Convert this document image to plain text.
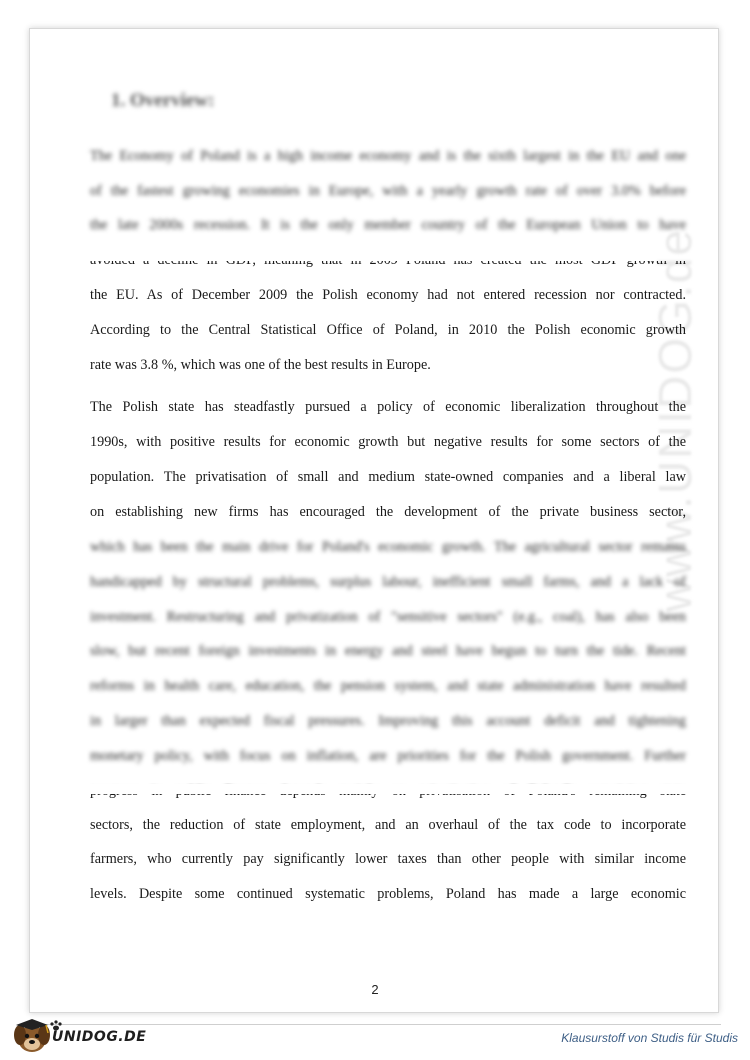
www.UNIDOG.de
1. Overview:
The Economy of Poland is a high income economy and is the sixth largest in the EU and one
of the fastest growing economies in Europe, with a yearly growth rate of over 3.0% before
the late 2000s recession. It is the only member country of the European Union to have
the EU. As of December 2009 the Polish economy had not entered recession nor contracted.
According to the Central Statistical Office of Poland, in 2010 the Polish economic growth
rate was 3.8 %, which was one of the best results in Europe.
The Polish state has steadfastly pursued a policy of economic liberalization throughout the
1990s, with positive results for economic growth but negative results for some sectors of the
population. The privatisation of small and medium state-owned companies and a liberal law
on establishing new firms has encouraged the development of the private business sector,
which has been the main drive for Poland's economic growth. The agricultural sector remains
handicapped by structural problems, surplus labour, inefficient small farms, and a lack of
investment. Restructuring and privatization of "sensitive sectors" (e.g., coal), has also been
slow, but recent foreign investments in energy and steel have begun to turn the tide. Recent
reforms in health care, education, the pension system, and state administration have resulted
in larger than expected fiscal pressures. Improving this account deficit and tightening
monetary policy, with focus on inflation, are priorities for the Polish government. Further
sectors, the reduction of state employment, and an overhaul of the tax code to incorporate
farmers, who currently pay significantly lower taxes than other people with similar income
levels. Despite some continued systematic problems, Poland has made a large economic
2
UNIDOG.DE	Klausurstoff von Studis für Studis
